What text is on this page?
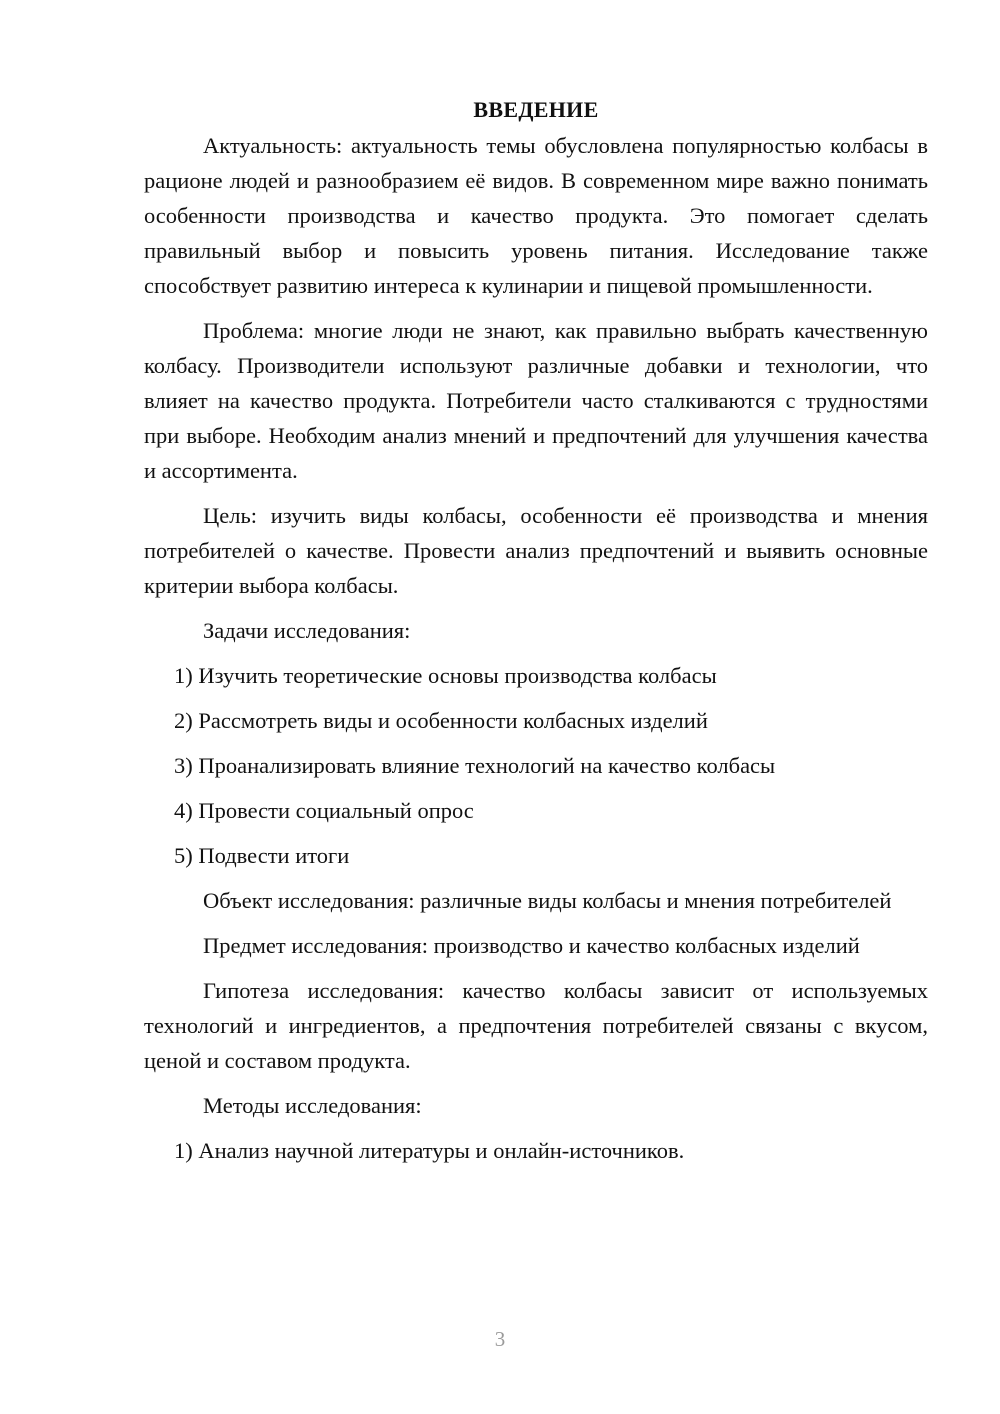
ВВЕДЕНИЕ

Актуальность: актуальность темы обусловлена популярностью колбасы в рационе людей и разнообразием её видов. В современном мире важно понимать особенности производства и качество продукта. Это помогает сделать правильный выбор и повысить уровень питания. Исследование также способствует развитию интереса к кулинарии и пищевой промышленности.

Проблема: многие люди не знают, как правильно выбрать качественную колбасу. Производители используют различные добавки и технологии, что влияет на качество продукта. Потребители часто сталкиваются с трудностями при выборе. Необходим анализ мнений и предпочтений для улучшения качества и ассортимента.

Цель: изучить виды колбасы, особенности её производства и мнения потребителей о качестве. Провести анализ предпочтений и выявить основные критерии выбора колбасы.

Задачи исследования:

1) Изучить теоретические основы производства колбасы

2) Рассмотреть виды и особенности колбасных изделий

3) Проанализировать влияние технологий на качество колбасы

4) Провести социальный опрос

5) Подвести итоги

Объект исследования: различные виды колбасы и мнения потребителей

Предмет исследования: производство и качество колбасных изделий

Гипотеза исследования: качество колбасы зависит от используемых технологий и ингредиентов, а предпочтения потребителей связаны с вкусом, ценой и составом продукта.

Методы исследования:

1) Анализ научной литературы и онлайн-источников.

3
